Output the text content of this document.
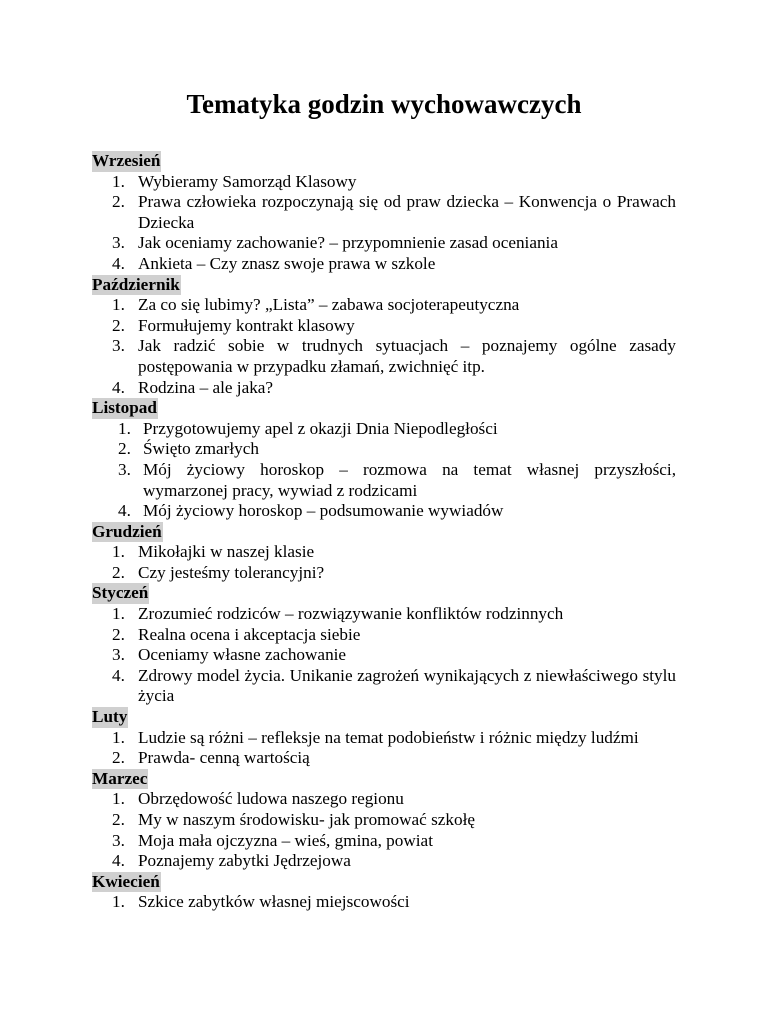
Tematyka godzin wychowawczych
Wrzesień
1. Wybieramy Samorząd Klasowy
2. Prawa człowieka rozpoczynają się od praw dziecka – Konwencja o Prawach Dziecka
3. Jak oceniamy zachowanie? – przypomnienie zasad oceniania
4. Ankieta – Czy znasz swoje prawa w szkole
Październik
1. Za co się lubimy? „Lista” – zabawa socjoterapeutyczna
2. Formułujemy kontrakt klasowy
3. Jak radzić sobie w trudnych sytuacjach – poznajemy ogólne zasady postępowania w przypadku złamań, zwichnięć itp.
4. Rodzina – ale jaka?
Listopad
1. Przygotowujemy apel z okazji Dnia Niepodległości
2. Święto zmarłych
3. Mój życiowy horoskop – rozmowa na temat własnej przyszłości, wymarzonej pracy, wywiad z rodzicami
4. Mój życiowy horoskop – podsumowanie wywiadów
Grudzień
1. Mikołajki w naszej klasie
2. Czy jesteśmy tolerancyjni?
Styczeń
1. Zrozumieć rodziców – rozwiązywanie konfliktów rodzinnych
2. Realna ocena i akceptacja siebie
3. Oceniamy własne zachowanie
4. Zdrowy model życia. Unikanie zagrożeń wynikających z niewłaściwego stylu życia
Luty
1. Ludzie są różni – refleksje na temat podobieństw i różnic między ludźmi
2. Prawda- cenną wartością
Marzec
1. Obrzędowość ludowa naszego regionu
2. My w naszym środowisku- jak promować szkołę
3. Moja mała ojczyzna – wieś, gmina, powiat
4. Poznajemy zabytki Jędrzejowa
Kwiecień
1. Szkice zabytków własnej miejscowości
